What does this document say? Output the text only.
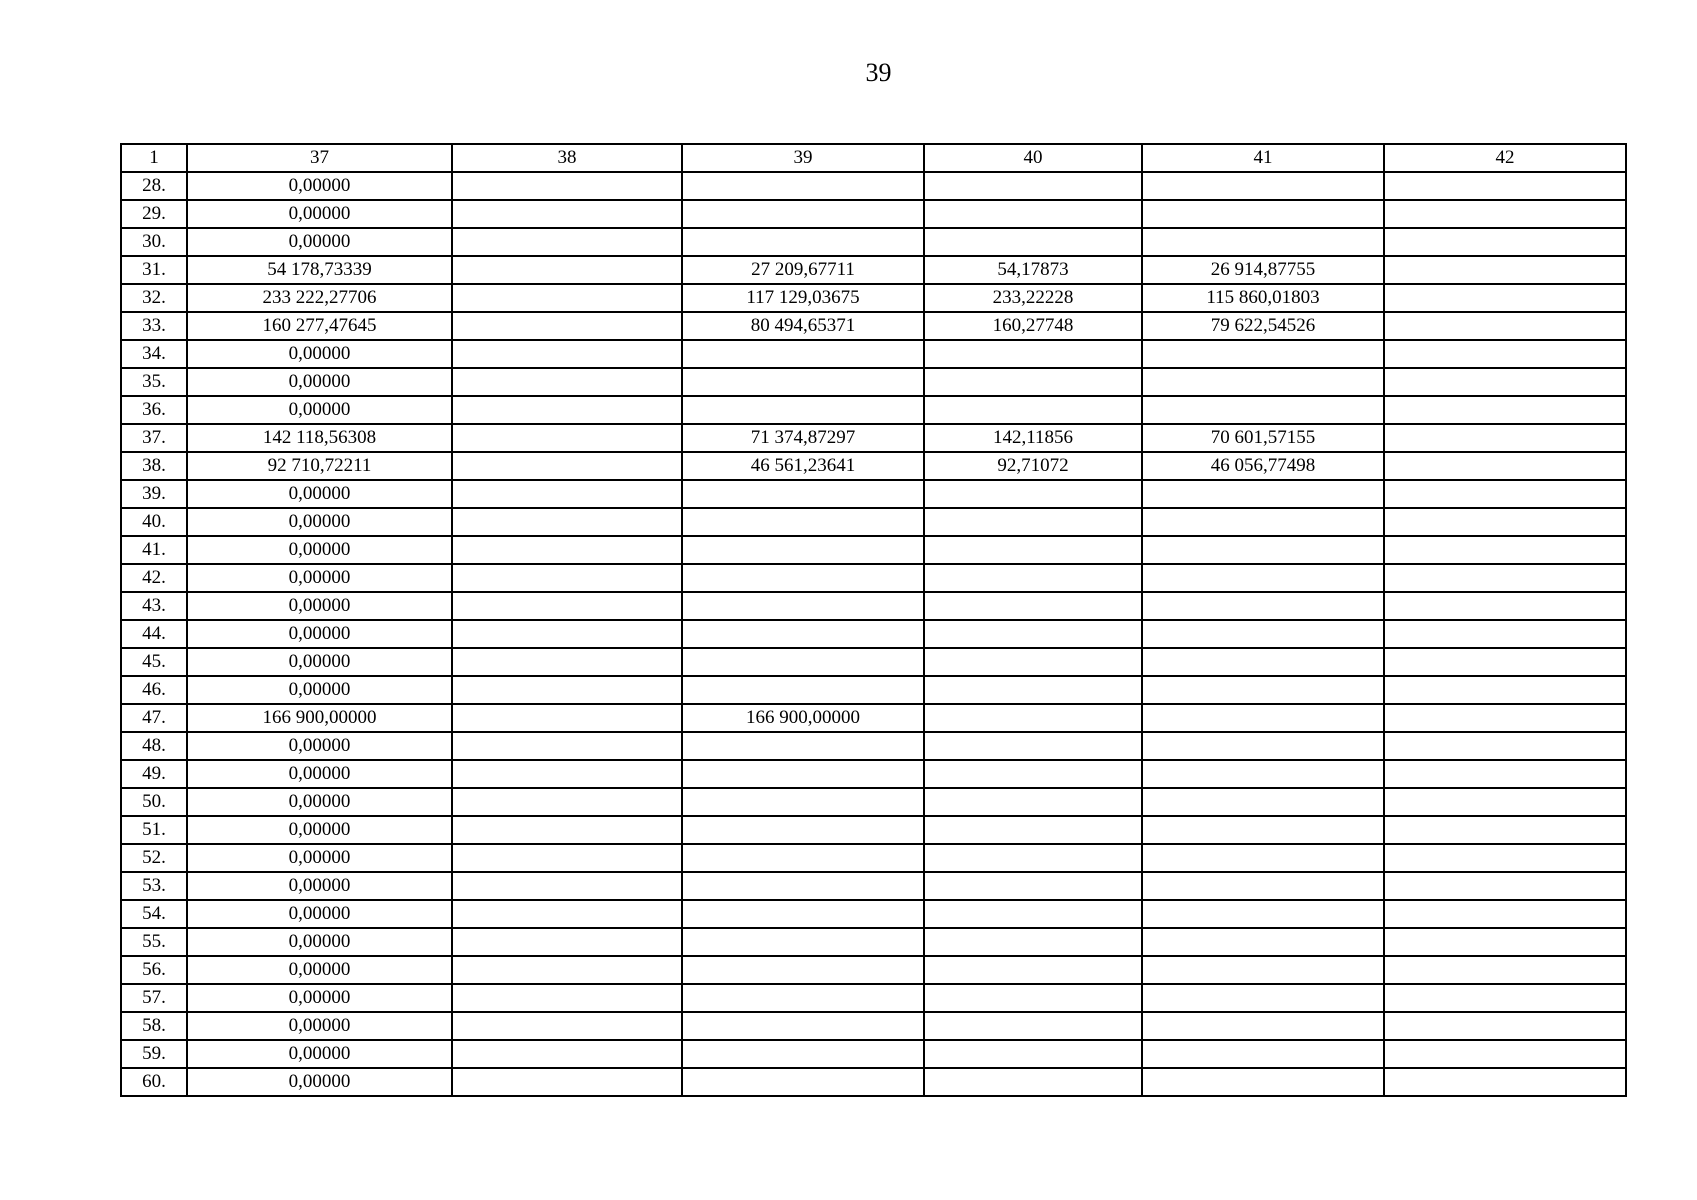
39
1	37	38	39	40	41	42
28.	0,00000					
29.	0,00000					
30.	0,00000					
31.	54 178,73339		27 209,67711	54,17873	26 914,87755	
32.	233 222,27706		117 129,03675	233,22228	115 860,01803	
33.	160 277,47645		80 494,65371	160,27748	79 622,54526	
34.	0,00000					
35.	0,00000					
36.	0,00000					
37.	142 118,56308		71 374,87297	142,11856	70 601,57155	
38.	92 710,72211		46 561,23641	92,71072	46 056,77498	
39.	0,00000					
40.	0,00000					
41.	0,00000					
42.	0,00000					
43.	0,00000					
44.	0,00000					
45.	0,00000					
46.	0,00000					
47.	166 900,00000		166 900,00000			
48.	0,00000					
49.	0,00000					
50.	0,00000					
51.	0,00000					
52.	0,00000					
53.	0,00000					
54.	0,00000					
55.	0,00000					
56.	0,00000					
57.	0,00000					
58.	0,00000					
59.	0,00000					
60.	0,00000					
